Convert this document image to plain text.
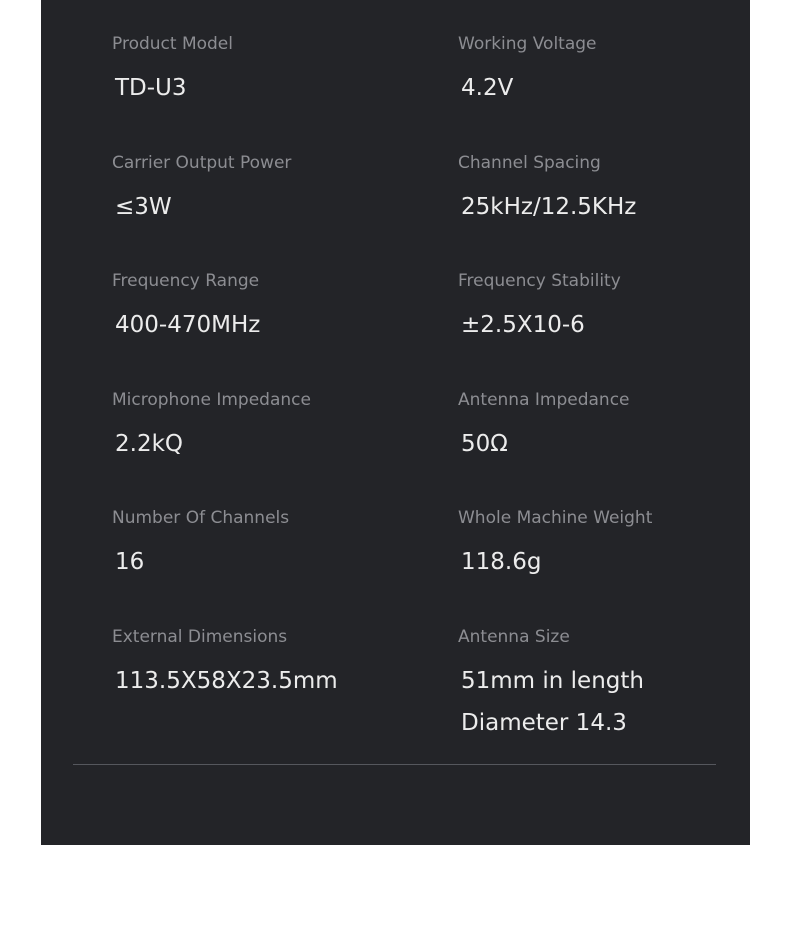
Product Model
TD-U3
Working Voltage
4.2V
Carrier Output Power
≤3W
Channel Spacing
25kHz/12.5KHz
Frequency Range
400-470MHz
Frequency Stability
±2.5X10-6
Microphone Impedance
2.2kQ
Antenna Impedance
50Ω
Number Of Channels
16
Whole Machine Weight
118.6g
External Dimensions
113.5X58X23.5mm
Antenna Size
51mm in length
Diameter 14.3
